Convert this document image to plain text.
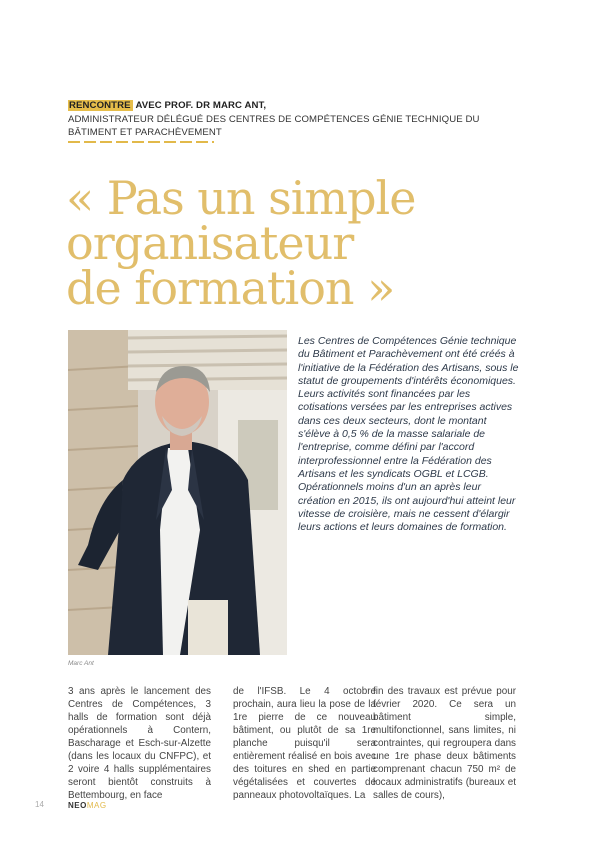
RENCONTRE AVEC PROF. DR MARC ANT,
ADMINISTRATEUR DÉLÉGUÉ DES CENTRES DE COMPÉTENCES GÉNIE TECHNIQUE DU BÂTIMENT ET PARACHÈVEMENT
« Pas un simple
organisateur
de formation »
Marc Ant
Les Centres de Compétences Génie technique du Bâtiment et Parachèvement ont été créés à l'initiative de la Fédération des Artisans, sous le statut de groupements d'intérêts économiques. Leurs activités sont financées par les cotisations versées par les entreprises actives dans ces deux secteurs, dont le montant s'élève à 0,5 % de la masse salariale de l'entreprise, comme défini par l'accord interprofessionnel entre la Fédération des Artisans et les syndicats OGBL et LCGB. Opérationnels moins d'un an après leur création en 2015, ils ont aujourd'hui atteint leur vitesse de croisière, mais ne cessent d'élargir leurs actions et leurs domaines de formation.
3 ans après le lancement des Centres de Compétences, 3 halls de formation sont déjà opérationnels à Contern, Bascharage et Esch-sur-Alzette (dans les locaux du CNFPC), et 2 voire 4 halls supplémentaires seront bientôt construits à Bettembourg, en face
de l'IFSB. Le 4 octobre prochain, aura lieu la pose de la 1re pierre de ce nouveau bâtiment, ou plutôt de sa 1re planche puisqu'il sera entièrement réalisé en bois avec des toitures en shed en partie végétalisées et couvertes de panneaux photovoltaïques. La
fin des travaux est prévue pour février 2020. Ce sera un bâtiment simple, multifonctionnel, sans limites, ni contraintes, qui regroupera dans une 1re phase deux bâtiments comprenant chacun 750 m² de locaux administratifs (bureaux et salles de cours),
14	NEOMAG
